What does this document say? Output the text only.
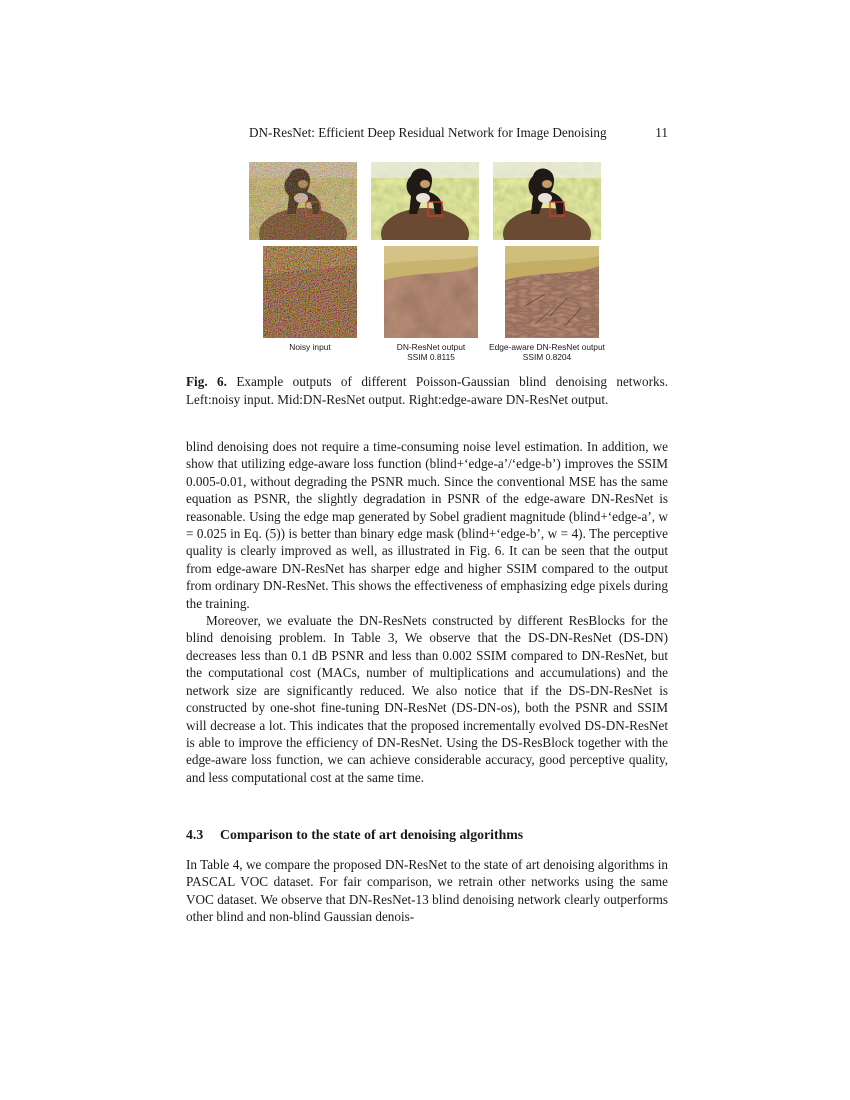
DN-ResNet: Efficient Deep Residual Network for Image Denoising	11
Noisy input	DN-ResNet output
SSIM 0.8115
Edge-aware DN-ResNet output
SSIM 0.8204
Fig. 6. Example outputs of different Poisson-Gaussian blind denoising networks. Left:noisy input. Mid:DN-ResNet output. Right:edge-aware DN-ResNet output.

blind denoising does not require a time-consuming noise level estimation. In addition, we show that utilizing edge-aware loss function (blind+‘edge-a’/‘edge-b’) improves the SSIM 0.005-0.01, without degrading the PSNR much. Since the conventional MSE has the same equation as PSNR, the slightly degradation in PSNR of the edge-aware DN-ResNet is reasonable. Using the edge map generated by Sobel gradient magnitude (blind+‘edge-a’, w = 0.025 in Eq. (5)) is better than binary edge mask (blind+‘edge-b’, w = 4). The perceptive quality is clearly improved as well, as illustrated in Fig. 6. It can be seen that the output from edge-aware DN-ResNet has sharper edge and higher SSIM compared to the output from ordinary DN-ResNet. This shows the effectiveness of emphasizing edge pixels during the training.

Moreover, we evaluate the DN-ResNets constructed by different ResBlocks for the blind denoising problem. In Table 3, We observe that the DS-DN-ResNet (DS-DN) decreases less than 0.1 dB PSNR and less than 0.002 SSIM compared to DN-ResNet, but the computational cost (MACs, number of multiplications and accumulations) and the network size are significantly reduced. We also notice that if the DS-DN-ResNet is constructed by one-shot fine-tuning DN-ResNet (DS-DN-os), both the PSNR and SSIM will decrease a lot. This indicates that the proposed incrementally evolved DS-DN-ResNet is able to improve the efficiency of DN-ResNet. Using the DS-ResBlock together with the edge-aware loss function, we can achieve considerable accuracy, good perceptive quality, and less computational cost at the same time.

4.3 Comparison to the state of art denoising algorithms

In Table 4, we compare the proposed DN-ResNet to the state of art denoising algorithms in PASCAL VOC dataset. For fair comparison, we retrain other networks using the same VOC dataset. We observe that DN-ResNet-13 blind denoising network clearly outperforms other blind and non-blind Gaussian denois-
